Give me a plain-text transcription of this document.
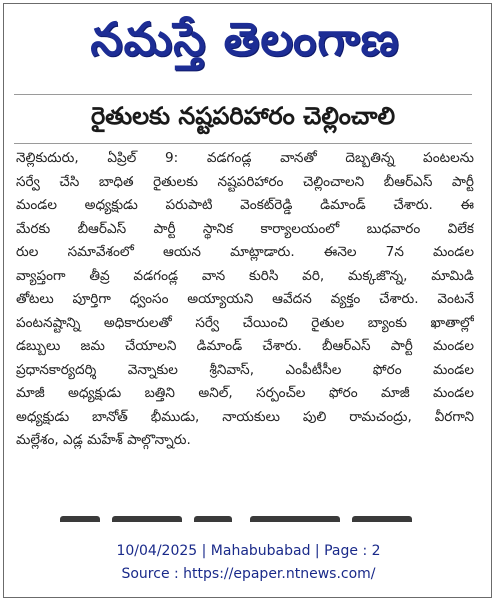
నమస్తే తెలంగాణ
రైతులకు నష్టపరిహారం చెల్లించాలి
నెల్లికుదురు, ఏప్రిల్ 9: వడగండ్ల వానతో దెబ్బతిన్న పంటలను
సర్వే చేసి బాధిత రైతులకు నష్టపరిహారం చెల్లించాలని బీఆర్ఎస్ పార్టీ
మండల అధ్యక్షుడు పరుపాటి వెంకట్‌రెడ్డి డిమాండ్ చేశారు. ఈ
మేరకు బీఆర్ఎస్ పార్టీ స్థానిక కార్యాలయంలో బుధవారం విలేక
రుల సమావేశంలో ఆయన మాట్లాడారు. ఈనెల 7న మండల
వ్యాప్తంగా తీవ్ర వడగండ్ల వాన కురిసి వరి, మక్కజొన్న, మామిడి
తోటలు పూర్తిగా ధ్వంసం అయ్యాయని ఆవేదన వ్యక్తం చేశారు. వెంటనే
పంటనష్టాన్ని అధికారులతో సర్వే చేయించి రైతుల బ్యాంకు ఖాతాల్లో
డబ్బులు జమ చేయాలని డిమాండ్ చేశారు. బీఆర్ఎస్ పార్టీ మండల
ప్రధానకార్యదర్శి వెన్నాకుల శ్రీనివాస్, ఎంపీటీసీల ఫోరం మండల
మాజీ అధ్యక్షుడు బత్తిని అనిల్, సర్పంచ్‌ల ఫోరం మాజీ మండల
అధ్యక్షుడు బానోత్ భీముడు, నాయకులు పులి రామచంద్రు, వీరగాని
మల్లేశం, ఎడ్ల మహేశ్ పాల్గొన్నారు.
10/04/2025 | Mahabubabad | Page : 2
Source : https://epaper.ntnews.com/
